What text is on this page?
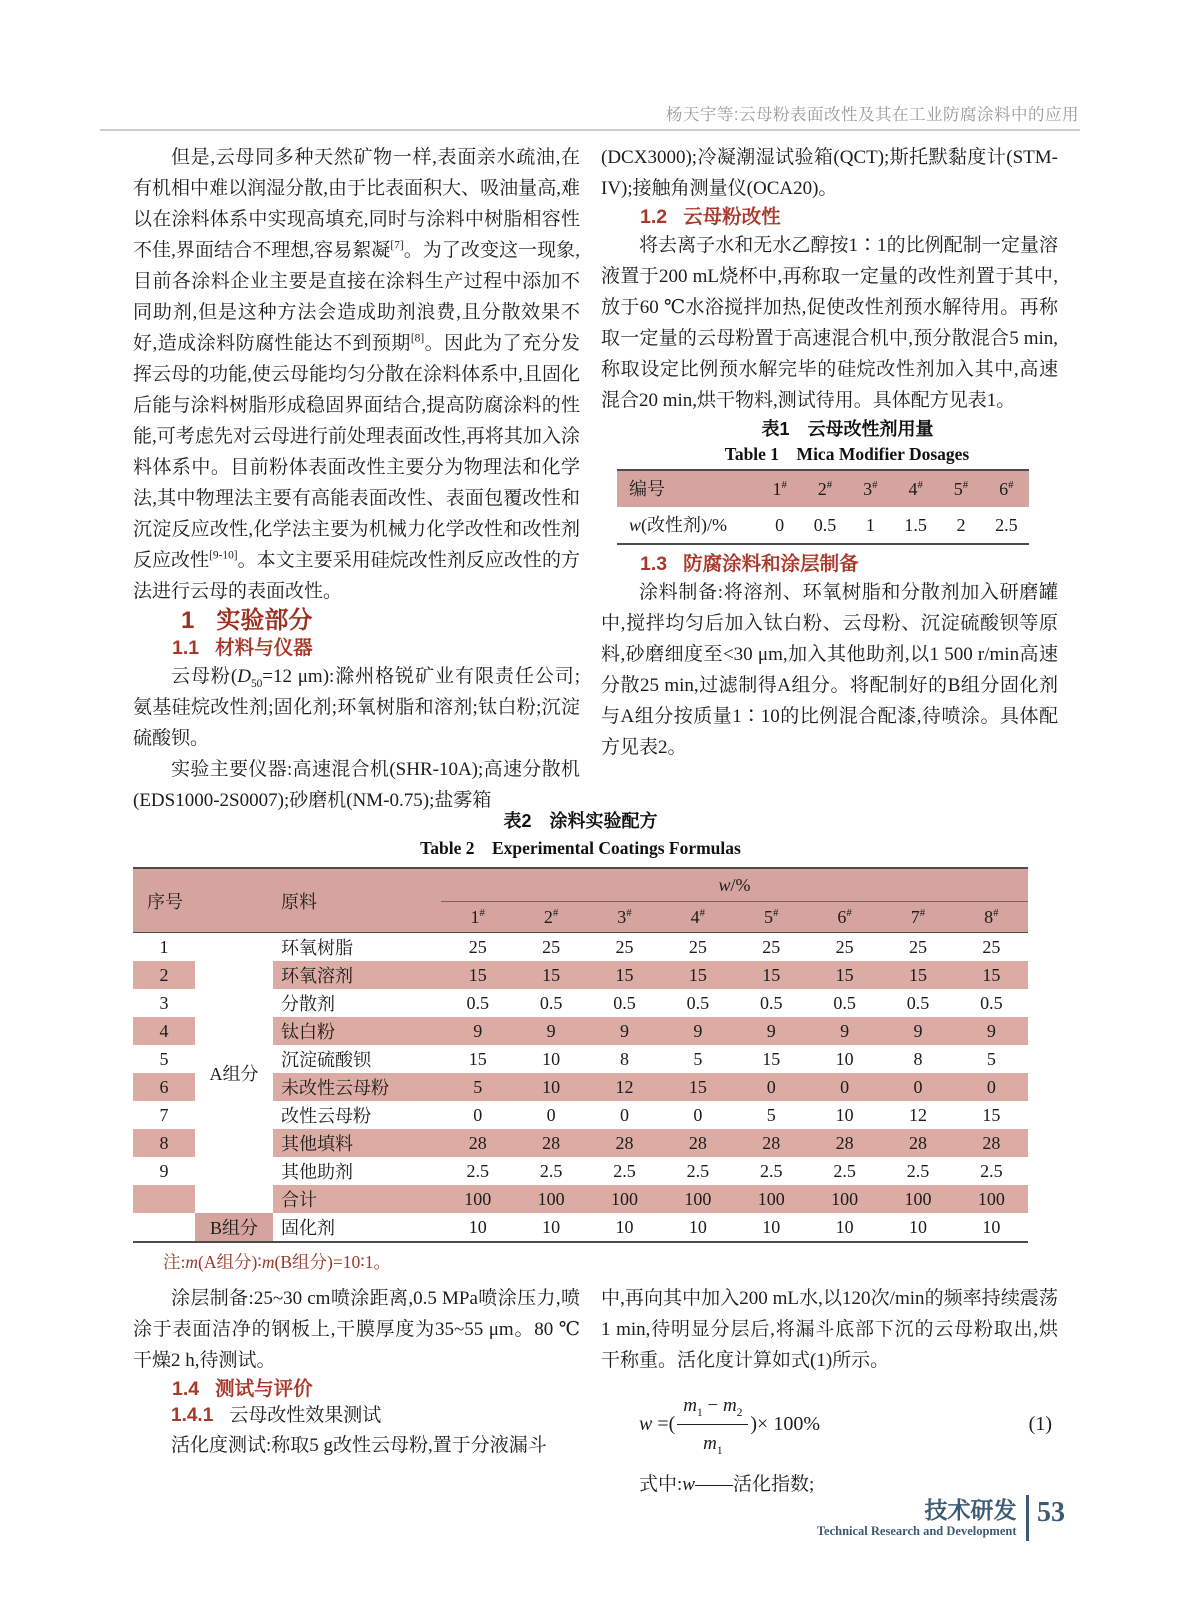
杨天宇等:云母粉表面改性及其在工业防腐涂料中的应用

但是,云母同多种天然矿物一样,表面亲水疏油,在有机相中难以润湿分散,由于比表面积大、吸油量高,难以在涂料体系中实现高填充,同时与涂料中树脂相容性不佳,界面结合不理想,容易絮凝[7]。为了改变这一现象,目前各涂料企业主要是直接在涂料生产过程中添加不同助剂,但是这种方法会造成助剂浪费,且分散效果不好,造成涂料防腐性能达不到预期[8]。因此为了充分发挥云母的功能,使云母能均匀分散在涂料体系中,且固化后能与涂料树脂形成稳固界面结合,提高防腐涂料的性能,可考虑先对云母进行前处理表面改性,再将其加入涂料体系中。目前粉体表面改性主要分为物理法和化学法,其中物理法主要有高能表面改性、表面包覆改性和沉淀反应改性,化学法主要为机械力化学改性和改性剂反应改性[9-10]。本文主要采用硅烷改性剂反应改性的方法进行云母的表面改性。

1 实验部分

1.1 材料与仪器

云母粉($D_{50}=12$ μm):滁州格锐矿业有限责任公司;氨基硅烷改性剂;固化剂;环氧树脂和溶剂;钛白粉;沉淀硫酸钡。

实验主要仪器:高速混合机(SHR-10A);高速分散机(EDS1000-2S0007);砂磨机(NM-0.75);盐雾箱

(DCX3000);冷凝潮湿试验箱(QCT);斯托默黏度计(STM-IV);接触角测量仪(OCA20)。

1.2 云母粉改性

将去离子水和无水乙醇按1∶1的比例配制一定量溶液置于200 mL烧杯中,再称取一定量的改性剂置于其中,放于60 ℃水浴搅拌加热,促使改性剂预水解待用。再称取一定量的云母粉置于高速混合机中,预分散混合5 min,称取设定比例预水解完毕的硅烷改性剂加入其中,高速混合20 min,烘干物料,测试待用。具体配方见表1。

表1　云母改性剂用量

Table 1　Mica Modifier Dosages

编号	1#	2#	3#	4#	5#	6#
w(改性剂)/%	0	0.5	1	1.5	2	2.5

1.3 防腐涂料和涂层制备

涂料制备:将溶剂、环氧树脂和分散剂加入研磨罐中,搅拌均匀后加入钛白粉、云母粉、沉淀硫酸钡等原料,砂磨细度至<30 μm,加入其他助剂,以1 500 r/min高速分散25 min,过滤制得A组分。将配制好的B组分固化剂与A组分按质量1∶10的比例混合配漆,待喷涂。具体配方见表2。

表2　涂料实验配方

Table 2　Experimental Coatings Formulas

序号		原料	w/%							
			1#	2#	3#	4#	5#	6#	7#	8#
1	A组分	环氧树脂	25	25	25	25	25	25	25	25
2		环氧溶剂	15	15	15	15	15	15	15	15
3		分散剂	0.5	0.5	0.5	0.5	0.5	0.5	0.5	0.5
4		钛白粉	9	9	9	9	9	9	9	9
5		沉淀硫酸钡	15	10	8	5	15	10	8	5
6		未改性云母粉	5	10	12	15	0	0	0	0
7		改性云母粉	0	0	0	0	5	10	12	15
8		其他填料	28	28	28	28	28	28	28	28
9		其他助剂	2.5	2.5	2.5	2.5	2.5	2.5	2.5	2.5
		合计	100	100	100	100	100	100	100	100
	B组分	固化剂	10	10	10	10	10	10	10	10

注:m(A组分)∶m(B组分)=10∶1。

涂层制备:25~30 cm喷涂距离,0.5 MPa喷涂压力,喷涂于表面洁净的钢板上,干膜厚度为35~55 μm。80 ℃干燥2 h,待测试。

1.4 测试与评价

1.4.1 云母改性效果测试

活化度测试:称取5 g改性云母粉,置于分液漏斗

中,再向其中加入200 mL水,以120次/min的频率持续震荡1 min,待明显分层后,将漏斗底部下沉的云母粉取出,烘干称重。活化度计算如式(1)所示。

w =( $\frac{m_1 - m_2}{m_1}$ )× 100%	(1)

式中:w——活化指数;

技术研发
Technical Research and Development
53
